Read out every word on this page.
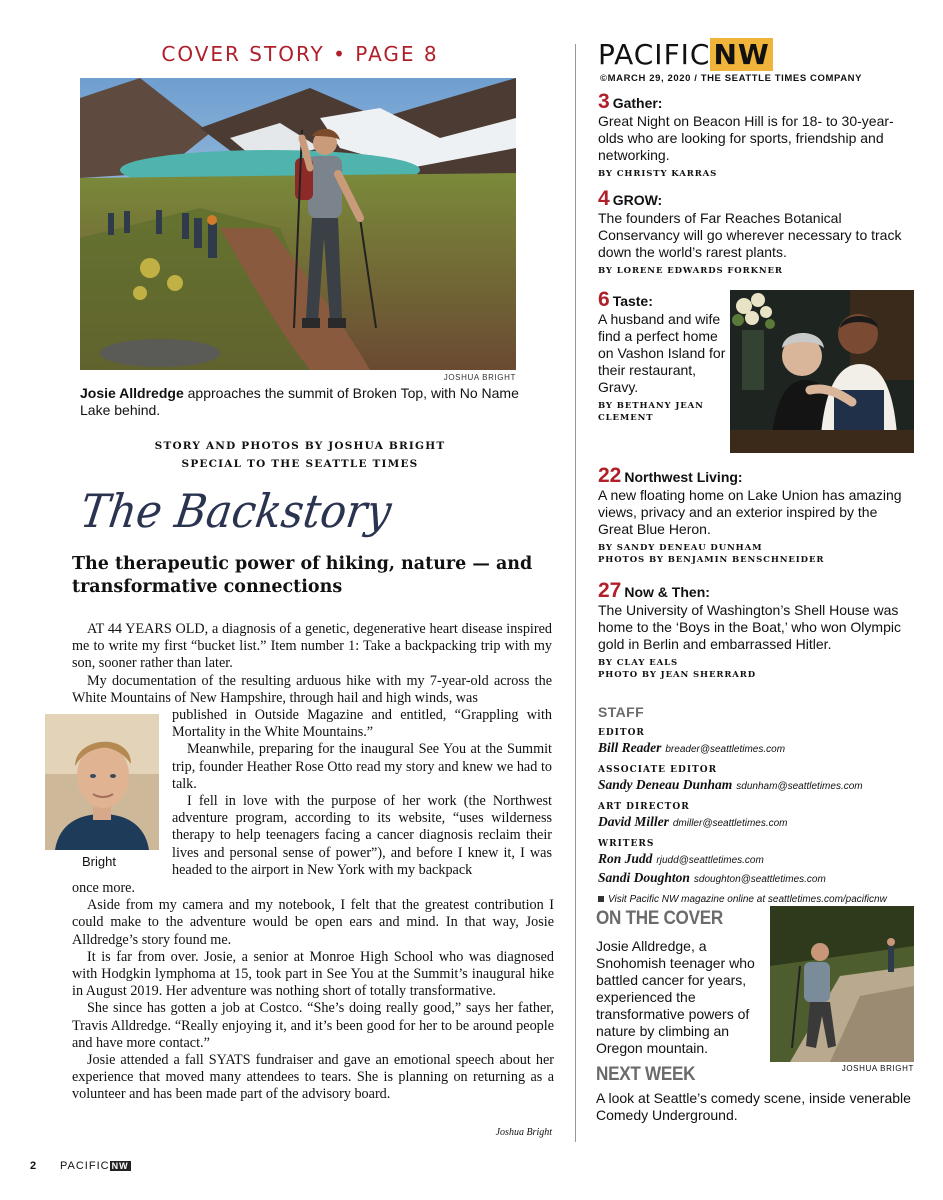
COVER STORY • PAGE 8
JOSHUA BRIGHT
Josie Alldredge approaches the summit of Broken Top, with No Name Lake behind.
STORY AND PHOTOS BY JOSHUA BRIGHT
SPECIAL TO THE SEATTLE TIMES
The Backstory
The therapeutic power of hiking, nature — and transformative connections

AT 44 YEARS OLD, a diagnosis of a genetic, degenerative heart disease inspired me to write my first “bucket list.” Item number 1: Take a backpacking trip with my son, sooner rather than later.

My documentation of the resulting arduous hike with my 7-year-old across the White Mountains of New Hampshire, through hail and high winds, was

Bright

published in Outside Magazine and entitled, “Grappling with Mortality in the White Mountains.”

Meanwhile, preparing for the inaugural See You at the Summit trip, founder Heather Rose Otto read my story and knew we had to talk.

I fell in love with the purpose of her work (the Northwest adventure program, according to its website, “uses wilderness therapy to help teenagers facing a cancer diagnosis reclaim their lives and personal sense of power”), and before I knew it, I was headed to the airport in New York with my backpack

once more.

Aside from my camera and my notebook, I felt that the greatest contribution I could make to the adventure would be open ears and mind. In that way, Josie Alldredge’s story found me.

It is far from over. Josie, a senior at Monroe High School who was diagnosed with Hodgkin lymphoma at 15, took part in See You at the Summit’s inaugural hike in August 2019. Her adventure was nothing short of totally transformative.

She since has gotten a job at Costco. “She’s doing really good,” says her father, Travis Alldredge. “Really enjoying it, and it’s been good for her to be around people and have more contact.”

Josie attended a fall SYATS fundraiser and gave an emotional speech about her experience that moved many attendees to tears. She is planning on returning as a volunteer and has been made part of the advisory board.

Joshua Bright
2 PACIFIC NW
PACIFIC NW
©MARCH 29, 2020 / THE SEATTLE TIMES COMPANY
3 Gather:
Great Night on Beacon Hill is for 18- to 30-year-olds who are looking for sports, friendship and networking.
BY CHRISTY KARRAS
4 GROW:
The founders of Far Reaches Botanical Conservancy will go wherever necessary to track down the world’s rarest plants.
BY LORENE EDWARDS FORKNER
6 Taste:
A husband and wife find a perfect home on Vashon Island for their restaurant, Gravy.
BY BETHANY JEAN
CLEMENT
22 Northwest Living:
A new floating home on Lake Union has amazing views, privacy and an exterior inspired by the Great Blue Heron.
BY SANDY DENEAU DUNHAM
PHOTOS BY BENJAMIN BENSCHNEIDER
27 Now & Then:
The University of Washington’s Shell House was home to the ‘Boys in the Boat,’ who won Olympic gold in Berlin and embarrassed Hitler.
BY CLAY EALS
PHOTO BY JEAN SHERRARD
STAFF
EDITOR
Bill Reader breader@seattletimes.com
ASSOCIATE EDITOR
Sandy Deneau Dunham sdunham@seattletimes.com
ART DIRECTOR
David Miller dmiller@seattletimes.com
WRITERS
Ron Judd rjudd@seattletimes.com
Sandi Doughton sdoughton@seattletimes.com
Visit Pacific NW magazine online at seattletimes.com/pacificnw
ON THE COVER
Josie Alldredge, a Snohomish teenager who battled cancer for years, experienced the transformative powers of nature by climbing an Oregon mountain.
JOSHUA BRIGHT
NEXT WEEK
A look at Seattle’s comedy scene, inside venerable Comedy Underground.
